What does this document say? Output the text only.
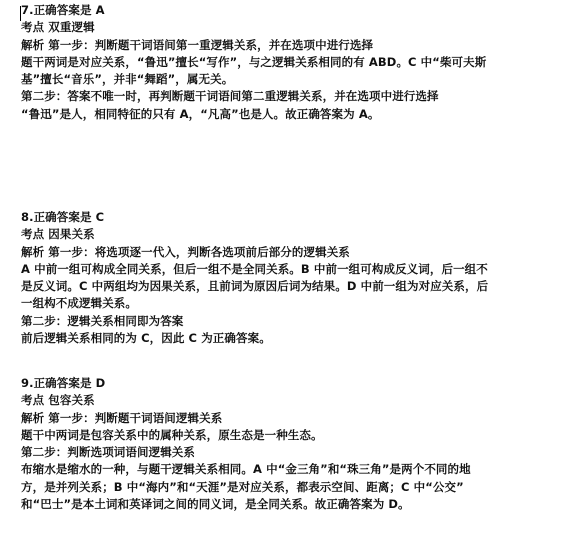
7.正确答案是 A
考点 双重逻辑
解析 第一步：判断题干词语间第一重逻辑关系，并在选项中进行选择
题干两词是对应关系，“鲁迅”擅长“写作”，与之逻辑关系相同的有 ABD。C 中“柴可夫斯
基”擅长“音乐”，并非“舞蹈”，属无关。
第二步：答案不唯一时，再判断题干词语间第二重逻辑关系，并在选项中进行选择
“鲁迅”是人，相同特征的只有 A，“凡高”也是人。故正确答案为 A。
8.正确答案是 C
考点 因果关系
解析 第一步：将选项逐一代入，判断各选项前后部分的逻辑关系
A 中前一组可构成全同关系，但后一组不是全同关系。B 中前一组可构成反义词，后一组不
是反义词。C 中两组均为因果关系，且前词为原因后词为结果。D 中前一组为对应关系，后
一组构不成逻辑关系。
第二步：逻辑关系相同即为答案
前后逻辑关系相同的为 C，因此 C 为正确答案。
9.正确答案是 D
考点 包容关系
解析 第一步：判断题干词语间逻辑关系
题干中两词是包容关系中的属种关系，原生态是一种生态。
第二步：判断选项词语间逻辑关系
布缩水是缩水的一种，与题干逻辑关系相同。A 中“金三角”和“珠三角”是两个不同的地
方，是并列关系；B 中“海内”和“天涯”是对应关系，都表示空间、距离；C 中“公交”
和“巴士”是本土词和英译词之间的同义词，是全同关系。故正确答案为 D。
